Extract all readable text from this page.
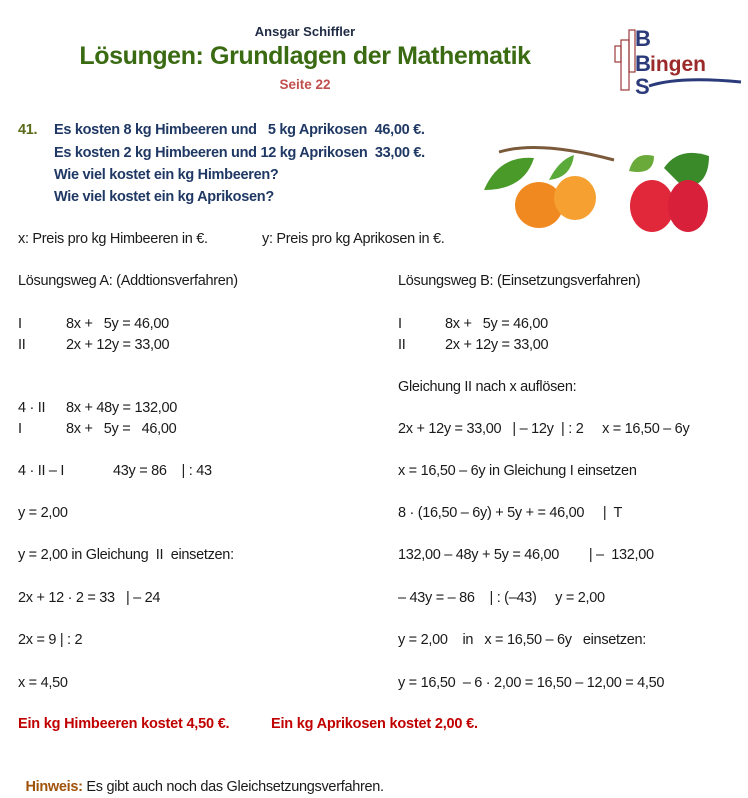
Ansgar Schiffler
Lösungen: Grundlagen der Mathematik
Seite 22

B
B ingen
S

41. Es kosten 8 kg Himbeeren und   5 kg Aprikosen  46,00 €.
Es kosten 2 kg Himbeeren und 12 kg Aprikosen  33,00 €.
Wie viel kostet ein kg Himbeeren?
Wie viel kostet ein kg Aprikosen?

x: Preis pro kg Himbeeren in €.	y: Preis pro kg Aprikosen in €.
Lösungsweg A: (Addtionsverfahren)
I	8x +   5y = 46,00
II	2x + 12y = 33,00
4 · II 8x + 48y = 132,00
I	8x +   5y =   46,00
4 · II – I	43y = 86    | : 43
y = 2,00
y = 2,00 in Gleichung  II  einsetzen:
2x + 12 · 2 = 33   | – 24
2x = 9 | : 2
x = 4,50
Lösungsweg B: (Einsetzungsverfahren)
I	8x +   5y = 46,00
II	2x + 12y = 33,00
Gleichung II nach x auflösen:
2x + 12y = 33,00   | – 12y  | : 2     x = 16,50 – 6y
x = 16,50 – 6y in Gleichung I einsetzen
8 · (16,50 – 6y) + 5y + = 46,00     |  T
132,00 – 48y + 5y = 46,00        | –  132,00
– 43y = – 86    | : (–43)     y = 2,00
y = 2,00    in   x = 16,50 – 6y   einsetzen:
y = 16,50  – 6 · 2,00 = 16,50 – 12,00 = 4,50
Ein kg Himbeeren kostet 4,50 €.	Ein kg Aprikosen kostet 2,00 €.

Hinweis: Es gibt auch noch das Gleichsetzungsverfahren.
